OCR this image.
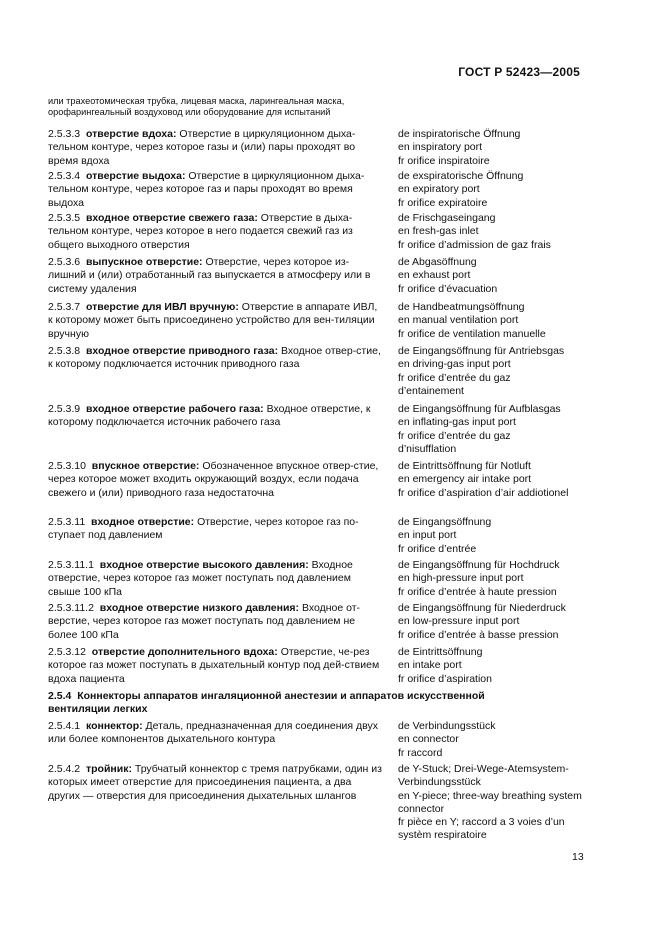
ГОСТ Р 52423—2005
или трахеотомическая трубка, лицевая маска, ларингеальная маска, орофарингеальный воздуховод или оборудование для испытаний
2.5.3.3 отверстие вдоха: Отверстие в циркуляционном дыха-тельном контуре, через которое газы и (или) пары проходят во время вдоха
de inspiratorische Öffnung
en inspiratory port
fr orifice inspiratoire
2.5.3.4 отверстие выдоха: Отверстие в циркуляционном дыха-тельном контуре, через которое газ и пары проходят во время выдоха
de exspiratorische Öffnung
en expiratory port
fr orifice expiratoire
2.5.3.5 входное отверстие свежего газа: Отверстие в дыха-тельном контуре, через которое в него подается свежий газ из общего выходного отверстия
de Frischgaseingang
en fresh-gas inlet
fr orifice d’admission de gaz frais
2.5.3.6 выпускное отверстие: Отверстие, через которое из-лишний и (или) отработанный газ выпускается в атмосферу или в систему удаления
de Abgasöffnung
en exhaust port
fr orifice d’évacuation
2.5.3.7 отверстие для ИВЛ вручную: Отверстие в аппарате ИВЛ, к которому может быть присоединено устройство для вен-тиляции вручную
de Handbeatmungsöffnung
en manual ventilation port
fr orifice de ventilation manuelle
2.5.3.8 входное отверстие приводного газа: Входное отвер-стие, к которому подключается источник приводного газа
de Eingangsöffnung für Antriebsgas
en driving-gas input port
fr orifice d’entrée du gaz d’entainement
2.5.3.9 входное отверстие рабочего газа: Входное отверстие, к которому подключается источник рабочего газа
de Eingangsöffnung für Aufblasgas
en inflating-gas input port
fr orifice d’entrée du gaz d’nisufflation
2.5.3.10 впускное отверстие: Обозначенное впускное отвер-стие, через которое может входить окружающий воздух, если подача свежего и (или) приводного газа недостаточна
de Eintrittsöffnung für Notluft
en emergency air intake port
fr orifice d’aspiration d’air addiotionel
2.5.3.11 входное отверстие: Отверстие, через которое газ по-ступает под давлением
de Eingangsöffnung
en input port
fr orifice d’entrée
2.5.3.11.1 входное отверстие высокого давления: Входное отверстие, через которое газ может поступать под давлением свыше 100 кПа
de Eingangsöffnung für Hochdruck
en high-pressure input port
fr orifice d’entrée à haute pression
2.5.3.11.2 входное отверстие низкого давления: Входное от-верстие, через которое газ может поступать под давлением не более 100 кПа
de Eingangsöffnung für Niederdruck
en low-pressure input port
fr orifice d’entrée à basse pression
2.5.3.12 отверстие дополнительного вдоха: Отверстие, че-рез которое газ может поступать в дыхательный контур под дей-ствием вдоха пациента
de Eintrittsöffnung
en intake port
fr orifice d’aspiration
2.5.4 Коннекторы аппаратов ингаляционной анестезии и аппаратов искусственной вентиляции легких
2.5.4.1 коннектор: Деталь, предназначенная для соединения двух или более компонентов дыхательного контура
de Verbindungsstück
en connector
fr raccord
2.5.4.2 тройник: Трубчатый коннектор с тремя патрубками, один из которых имеет отверстие для присоединения пациента, а два других — отверстия для присоединения дыхательных шлангов
de Y-Stuck; Drei-Wege-Atemsystem-Verbindungsstück
en Y-piece; three-way breathing system connector
fr pièce en Y; raccord a 3 voies d’un systèm respiratoire
13
